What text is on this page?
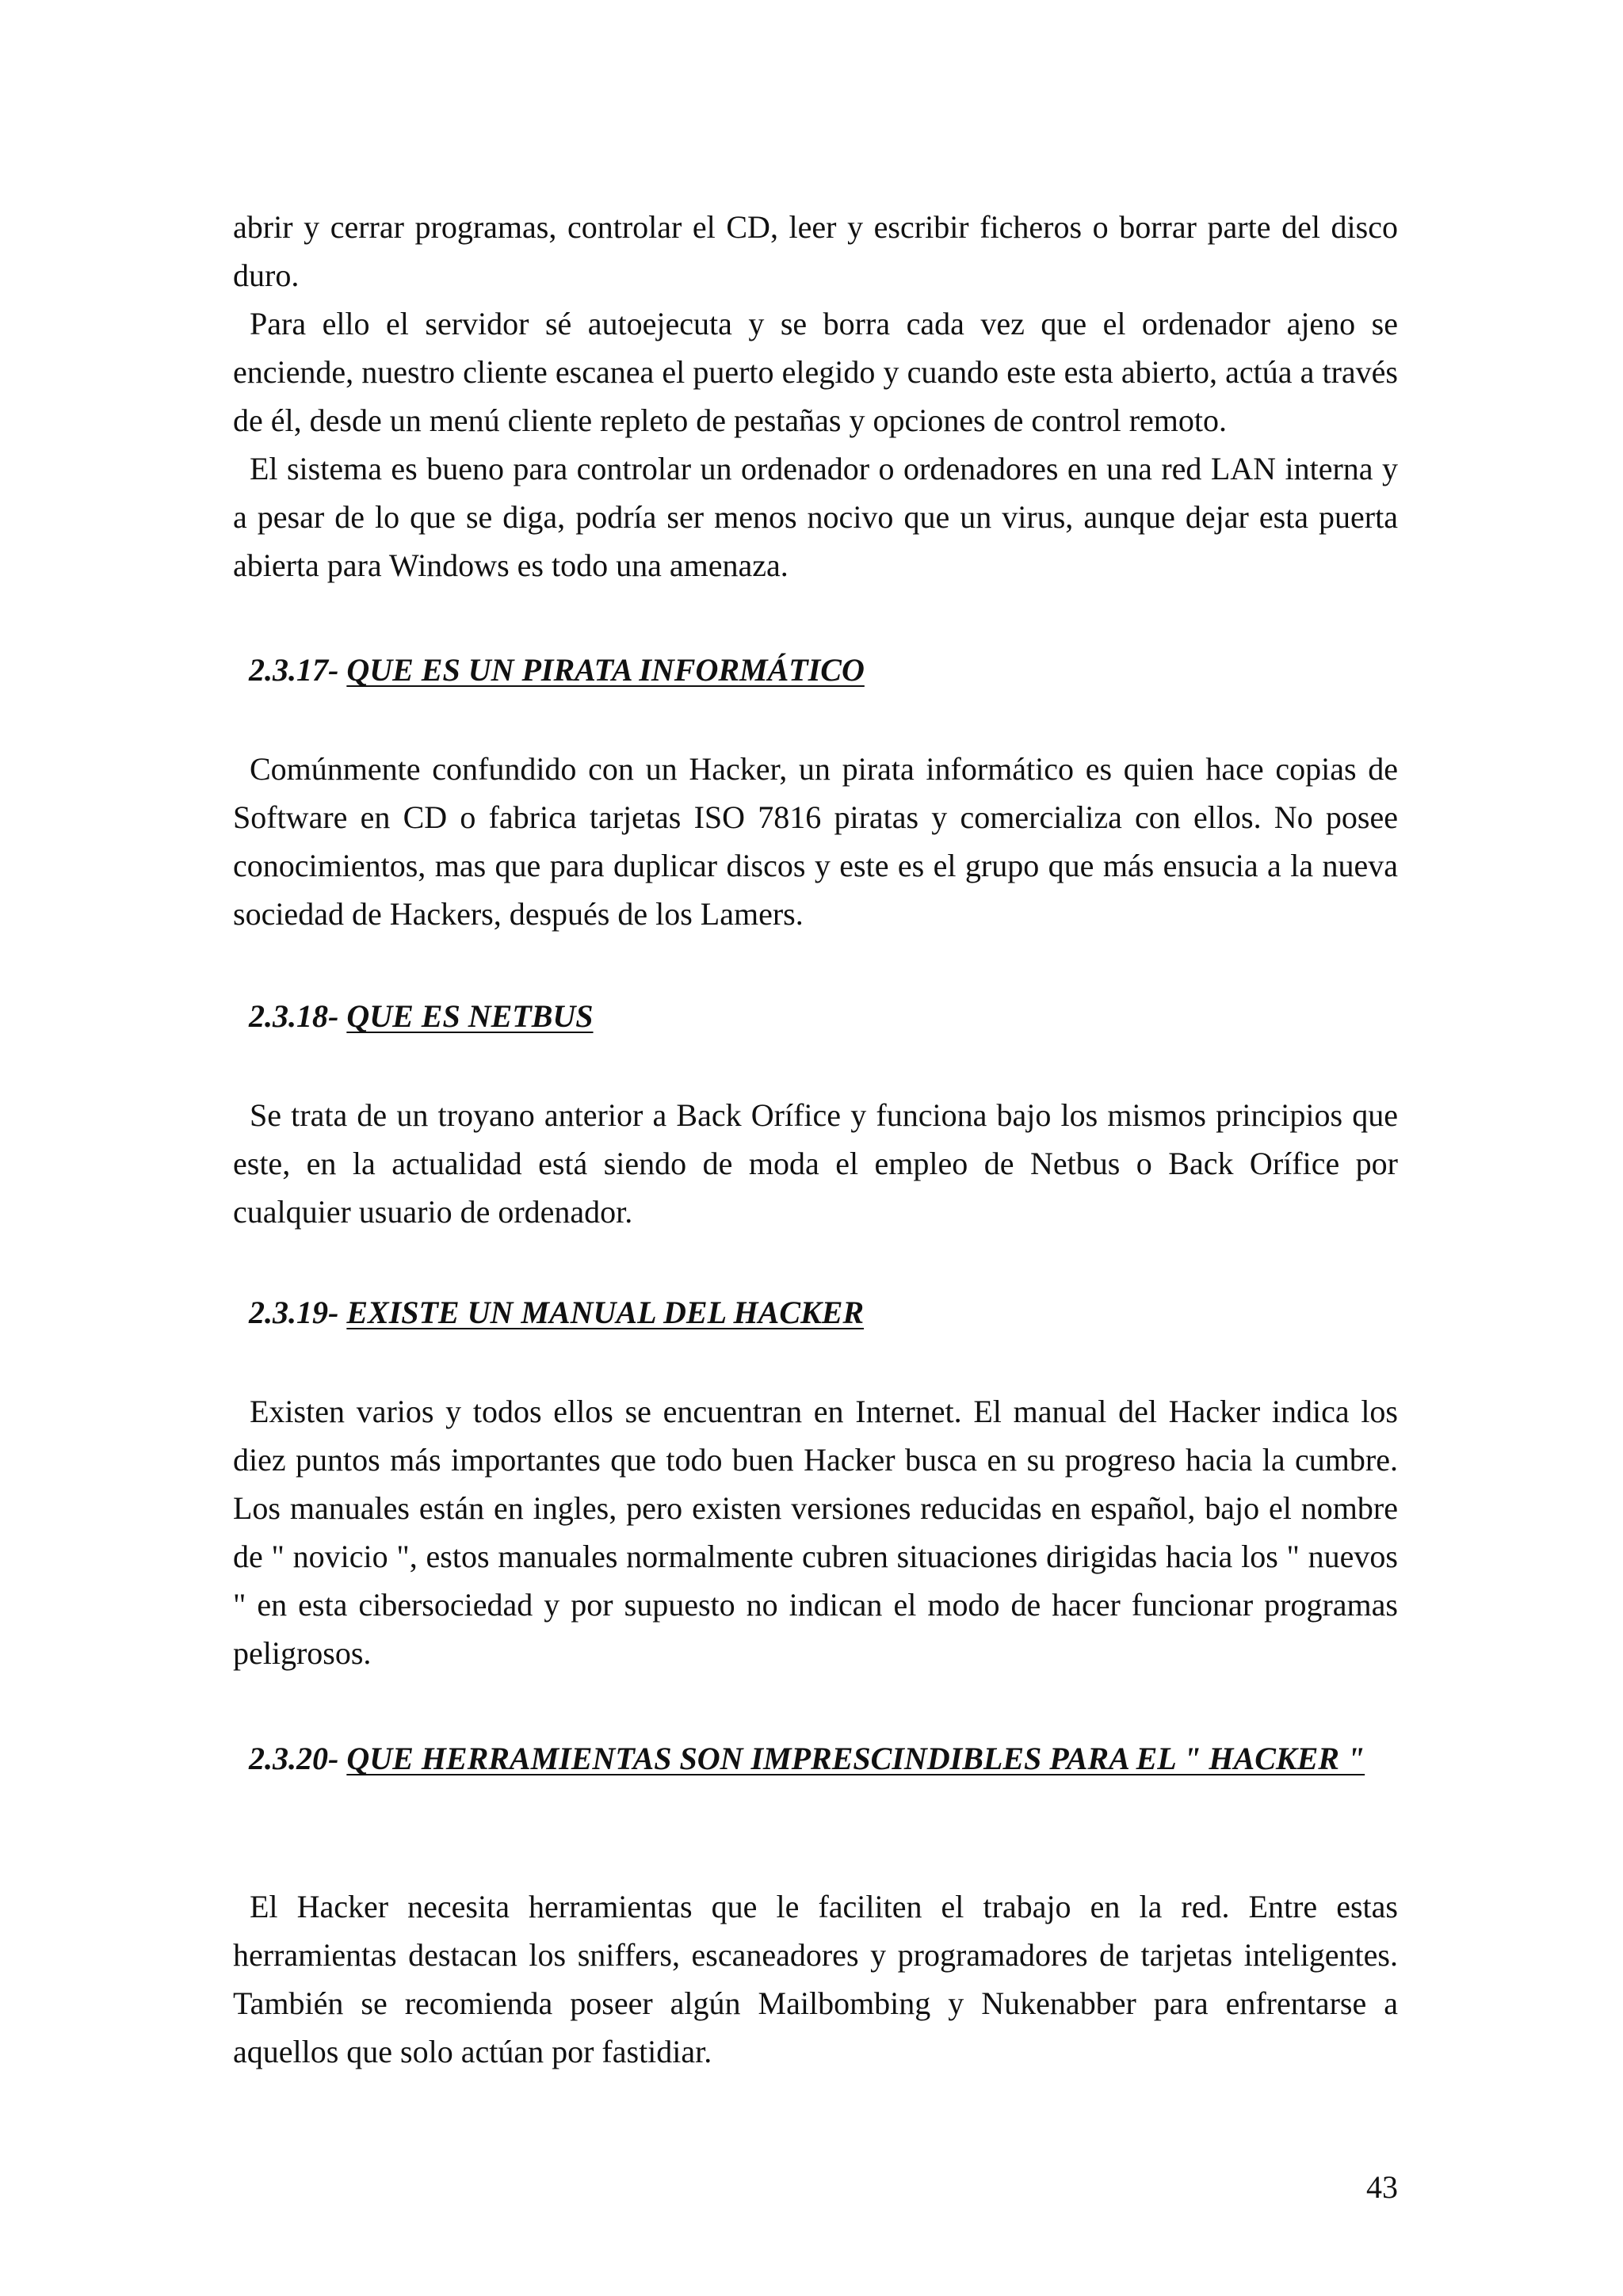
abrir y cerrar programas, controlar el CD, leer y escribir ficheros o borrar parte del disco duro.

Para ello el servidor sé autoejecuta y se borra cada vez que el ordenador ajeno se enciende, nuestro cliente escanea el puerto elegido y cuando este esta abierto, actúa a través de él, desde un menú cliente repleto de pestañas y opciones de control remoto.

El sistema es bueno para controlar un ordenador o ordenadores en una red LAN interna y a pesar de lo que se diga, podría ser menos nocivo que un virus, aunque dejar esta puerta abierta para Windows es todo una amenaza.

2.3.17- QUE ES UN PIRATA INFORMÁTICO

Comúnmente confundido con un Hacker, un pirata informático es quien hace copias de Software en CD o fabrica tarjetas ISO 7816 piratas y comercializa con ellos. No posee conocimientos, mas que para duplicar discos y este es el grupo que más ensucia a la nueva sociedad de Hackers, después de los Lamers.

2.3.18- QUE ES NETBUS

Se trata de un troyano anterior a Back Orífice y funciona bajo los mismos principios que este, en la actualidad está siendo de moda el empleo de Netbus o Back Orífice por cualquier usuario de ordenador.

2.3.19- EXISTE UN MANUAL DEL HACKER

Existen varios y todos ellos se encuentran en Internet. El manual del Hacker indica los diez puntos más importantes que todo buen Hacker busca en su progreso hacia la cumbre. Los manuales están en ingles, pero existen versiones reducidas en español, bajo el nombre de " novicio ", estos manuales normalmente cubren situaciones dirigidas hacia los " nuevos " en esta cibersociedad y por supuesto no indican el modo de hacer funcionar programas peligrosos.

2.3.20- QUE HERRAMIENTAS SON IMPRESCINDIBLES PARA EL " HACKER "

El Hacker necesita herramientas que le faciliten el trabajo en la red. Entre estas herramientas destacan los sniffers, escaneadores y programadores de tarjetas inteligentes. También se recomienda poseer algún Mailbombing y Nukenabber para enfrentarse a aquellos que solo actúan por fastidiar.

43
